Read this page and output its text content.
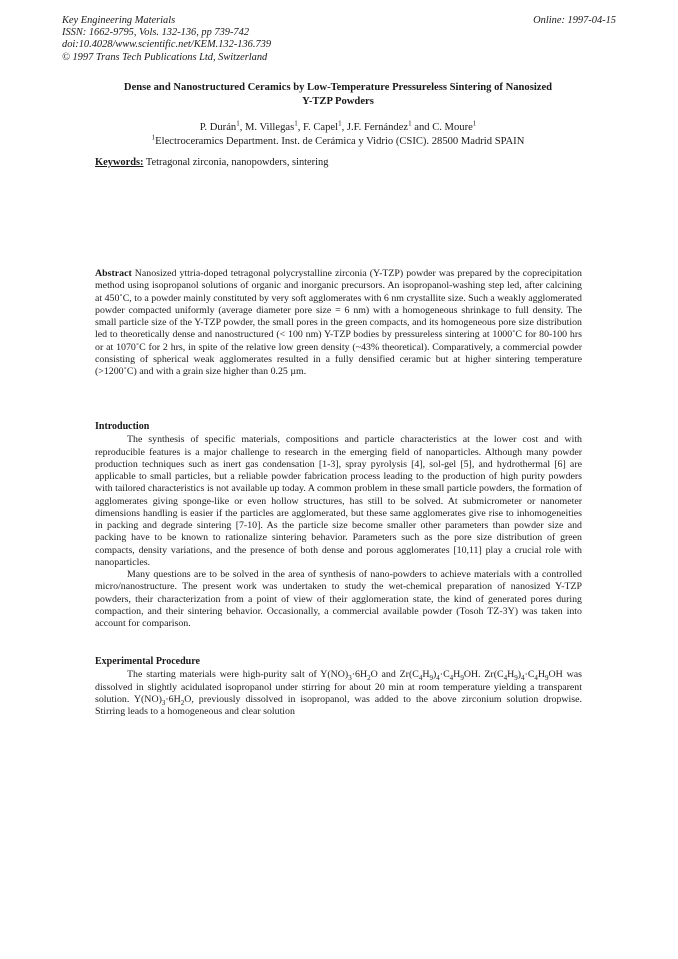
Key Engineering Materials	Online: 1997-04-15
ISSN: 1662-9795, Vols. 132-136, pp 739-742
doi:10.4028/www.scientific.net/KEM.132-136.739
© 1997 Trans Tech Publications Ltd, Switzerland
Dense and Nanostructured Ceramics by Low-Temperature Pressureless Sintering of Nanosized
Y-TZP Powders
P. Durán$^1$, M. Villegas$^1$, F. Capel$^1$, J.F. Fernández$^1$ and C. Moure$^1$
$^1$Electroceramics Department. Inst. de Cerámica y Vidrio (CSIC). 28500 Madrid SPAIN
Keywords: Tetragonal zirconia, nanopowders, sintering

Abstract Nanosized yttria-doped tetragonal polycrystalline zirconia (Y-TZP) powder was prepared by the coprecipitation method using isopropanol solutions of organic and inorganic precursors. An isopropanol-washing step led, after calcining at 450˚C, to a powder mainly constituted by very soft agglomerates with 6 nm crystallite size. Such a weakly agglomerated powder compacted uniformly (average diameter pore size = 6 nm) with a homogeneous shrinkage to full density. The small particle size of the Y-TZP powder, the small pores in the green compacts, and its homogeneous pore size distribution led to theoretically dense and nanostructured (< 100 nm) Y-TZP bodies by pressureless sintering at 1000˚C for 80-100 hrs or at 1070˚C for 2 hrs, in spite of the relative low green density (~43% theoretical). Comparatively, a commercial powder consisting of spherical weak agglomerates resulted in a fully densified ceramic but at higher sintering temperature (>1200˚C) and with a grain size higher than 0.25 µm.

Introduction

The synthesis of specific materials, compositions and particle characteristics at the lower cost and with reproducible features is a major challenge to research in the emerging field of nanoparticles. Although many powder production techniques such as inert gas condensation [1-3], spray pyrolysis [4], sol-gel [5], and hydrothermal [6] are applicable to small particles, but a reliable powder fabrication process leading to the production of high purity powders with tailored characteristics is not available up today. A common problem in these small particle powders, the formation of agglomerates giving sponge-like or even hollow structures, has still to be solved. At submicrometer or nanometer dimensions handling is easier if the particles are agglomerated, but these same agglomerates give rise to inhomogeneities in packing and degrade sintering [7-10]. As the particle size become smaller other parameters than powder size and packing have to be known to rationalize sintering behavior. Parameters such as the pore size distribution of green compacts, density variations, and the presence of both dense and porous agglomerates [10,11] play a crucial role with nanoparticles.

Many questions are to be solved in the area of synthesis of nano-powders to achieve materials with a controlled micro/nanostructure. The present work was undertaken to study the wet-chemical preparation of nanosized Y-TZP powders, their characterization from a point of view of their agglomeration state, the kind of generated pores during compaction, and their sintering behavior. Occasionally, a commercial available powder (Tosoh TZ-3Y) was taken into account for comparison.

Experimental Procedure

The starting materials were high-purity salt of $Y(NO)_3\cdot 6H_2O$ and $Zr(C_4H_9)_4\cdot C_4H_9OH$. $Zr(C_4H_9)_4\cdot C_4H_9OH$ was dissolved in slightly acidulated isopropanol under stirring for about 20 min at room temperature yielding a transparent solution. $Y(NO)_3\cdot 6H_2O$, previously dissolved in isopropanol, was added to the above zirconium solution dropwise. Stirring leads to a homogeneous and clear solution
